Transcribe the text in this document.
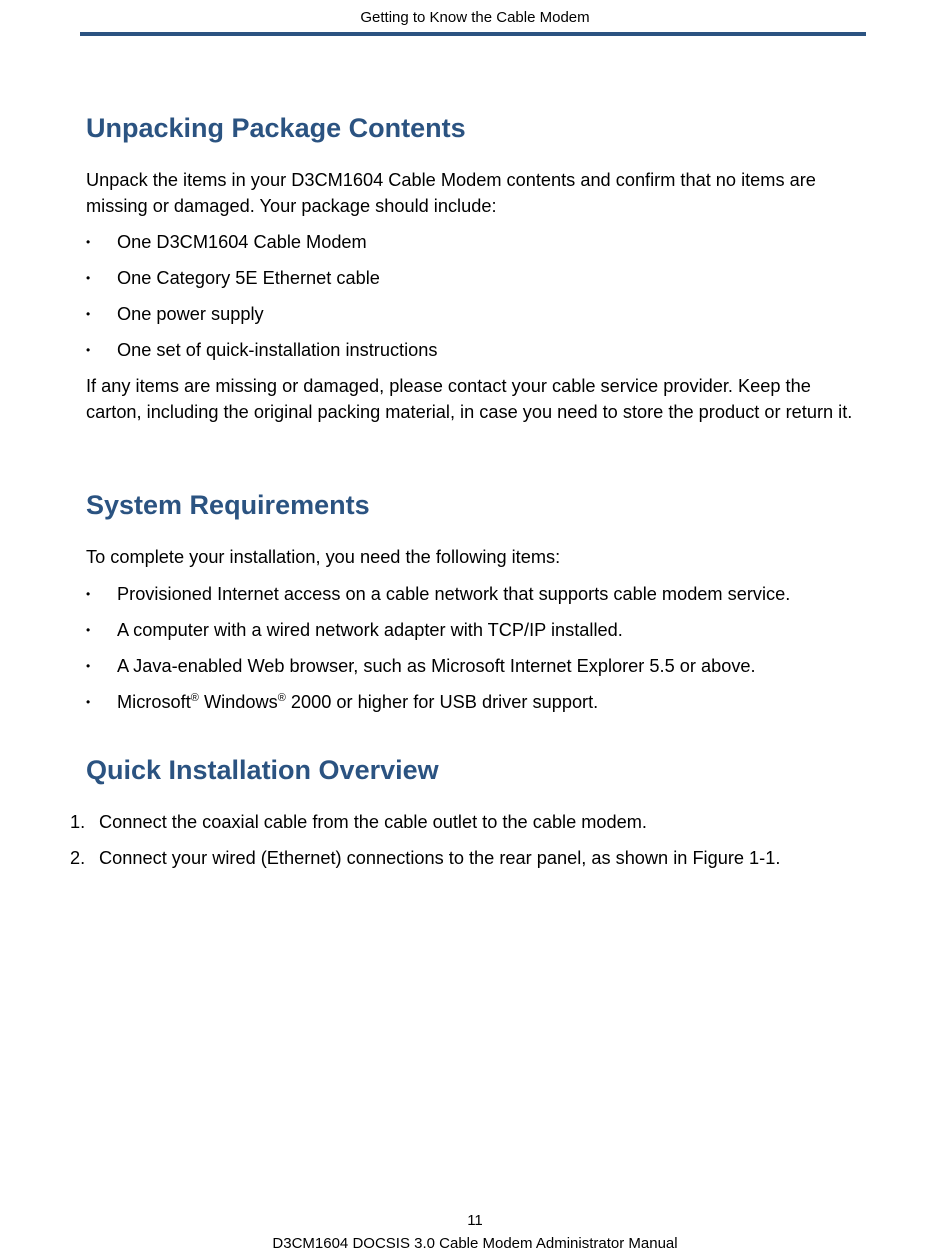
Getting to Know the Cable Modem
Unpacking Package Contents

Unpack the items in your D3CM1604 Cable Modem contents and confirm that no items are missing or damaged. Your package should include:

• One D3CM1604 Cable Modem
• One Category 5E Ethernet cable
• One power supply
• One set of quick-installation instructions

If any items are missing or damaged, please contact your cable service provider. Keep the carton, including the original packing material, in case you need to store the product or return it.

System Requirements

To complete your installation, you need the following items:

• Provisioned Internet access on a cable network that supports cable modem service.
• A computer with a wired network adapter with TCP/IP installed.
• A Java-enabled Web browser, such as Microsoft Internet Explorer 5.5 or above.
• Microsoft® Windows® 2000 or higher for USB driver support.
Quick Installation Overview
1. Connect the coaxial cable from the cable outlet to the cable modem.
2. Connect your wired (Ethernet) connections to the rear panel, as shown in Figure 1-1.
11
D3CM1604 DOCSIS 3.0 Cable Modem Administrator Manual
